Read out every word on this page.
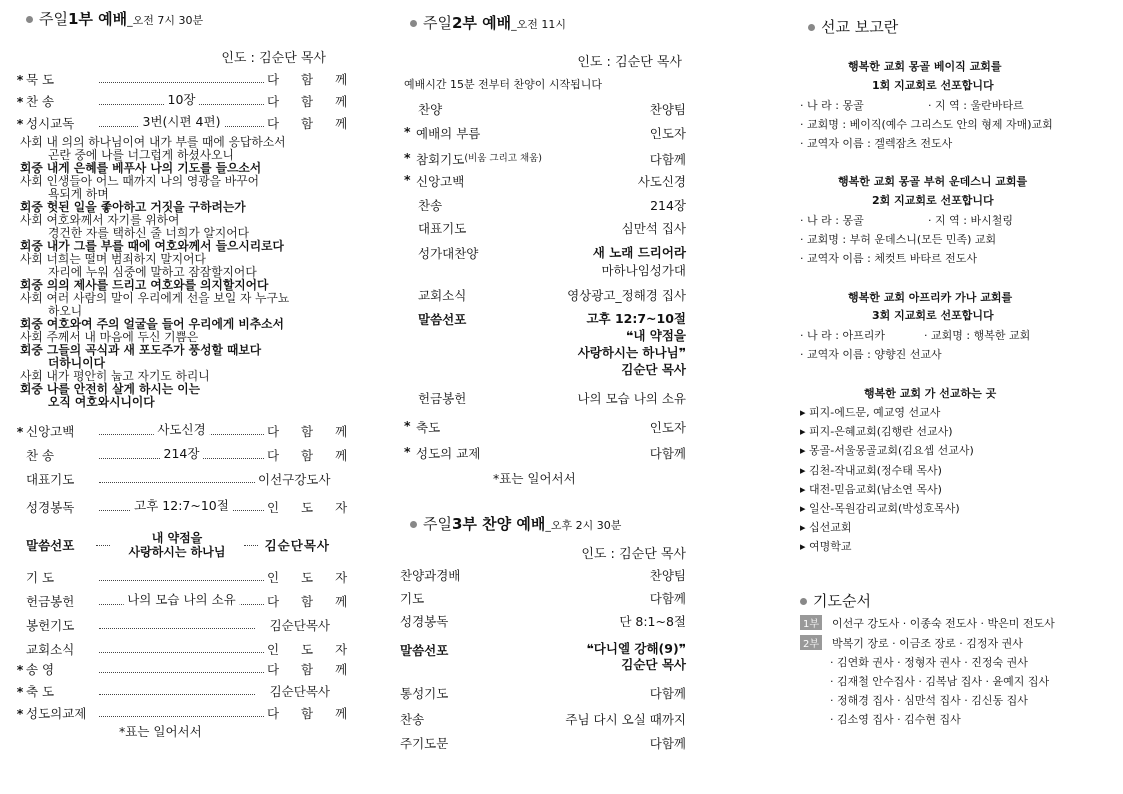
주일 1부 예배 _오전 7시 30분
인도 : 김순단 목사
* 묵 도	다 함 께
* 찬 송	10장	다 함 께
* 성시교독	3번(시편 4편)	다 함 께
사회 내 의의 하나님이여 내가 부를 때에 응답하소서
곤란 중에 나를 너그럽게 하셨사오니
회중 내게 은혜를 베푸사 나의 기도를 들으소서
사회 인생들아 어느 때까지 나의 영광을 바꾸어
욕되게 하며
회중 헛된 일을 좋아하고 거짓을 구하려는가
사회 여호와께서 자기를 위하여
경건한 자를 택하신 줄 너희가 알지어다
회중 내가 그를 부를 때에 여호와께서 들으시리로다
사회 너희는 떨며 범죄하지 말지어다
자리에 누워 심중에 말하고 잠잠할지어다
회중 의의 제사를 드리고 여호와를 의지할지어다
사회 여러 사람의 말이 우리에게 선을 보일 자 누구뇨
하오니
회중 여호와여 주의 얼굴을 들어 우리에게 비추소서
사회 주께서 내 마음에 두신 기쁨은
회중 그들의 곡식과 새 포도주가 풍성할 때보다
더하니이다
사회 내가 평안히 눕고 자기도 하리니
회중 나를 안전히 살게 하시는 이는
오직 여호와시니이다
* 신앙고백	사도신경	다 함 께
찬 송	214장	다 함 께
대표기도	이선구강도사
성경봉독	고후 12:7~10절	인 도 자
말씀선포	내 약점을
사랑하시는 하나님	김순단목사
기 도	인 도 자
헌금봉헌	나의 모습 나의 소유	다 함 께
봉헌기도	김순단목사
교회소식	인 도 자
* 송 영	다 함 께
* 축 도	김순단목사
* 성도의교제	다 함 께
*표는 일어서서
주일 2부 예배 _오전 11시
인도 : 김순단 목사
예배시간 15분 전부터 찬양이 시작됩니다
찬양	찬양팀
* 예배의 부름	인도자
* 참회기도 (비움 그리고 채움)	다함께
* 신앙고백	사도신경
찬송	214장
대표기도	심만석 집사
성가대찬양	새 노래 드리어라
마하나임성가대
교회소식	영상광고_정해경 집사
말씀선포	고후 12:7~10절
❝내 약점을
사랑하시는 하나님❞
김순단 목사
헌금봉헌	나의 모습 나의 소유
* 축도	인도자
* 성도의 교제	다함께
*표는 일어서서
주일 3부 찬양 예배 _오후 2시 30분
인도 : 김순단 목사
찬양과경배	찬양팀
기도	다함께
성경봉독	단 8:1~8절
말씀선포	❝다니엘 강해(9)❞
김순단 목사
통성기도	다함께
찬송	주님 다시 오실 때까지
주기도문	다함께
선교 보고란
행복한 교회 몽골 베이직 교회를
1회 지교회로 선포합니다
· 나 라 : 몽골	· 지 역 : 울란바타르
· 교회명 : 베이직(예수 그리스도 안의 형제 자매)교회
· 교역자 이름 : 겔렉잠츠 전도사
행복한 교회 몽골 부허 운데스니 교회를
2회 지교회로 선포합니다
· 나 라 : 몽골	· 지 역 : 바시철링
· 교회명 : 부허 운데스니(모든 민족) 교회
· 교역자 이름 : 체컷트 바타르 전도사
행복한 교회 아프리카 가나 교회를
3회 지교회로 선포합니다
· 나 라 : 아프리카	· 교회명 : 행복한 교회
· 교역자 이름 : 양향진 선교사
행복한 교회 가 선교하는 곳
▸ 피지-에드문, 예교영 선교사
▸ 피지-은혜교회(김행란 선교사)
▸ 몽골-서울몽골교회(김요셉 선교사)
▸ 김천-작내교회(정수태 목사)
▸ 대전-믿음교회(남소연 목사)
▸ 일산-목원감리교회(박성호목사)
▸ 십선교회
▸ 여명학교
기도순서
1부 이선구 강도사 · 이종숙 전도사 · 박은미 전도사
2부 박복기 장로 · 이금조 장로 · 김정자 권사
· 김연화 권사 · 정형자 권사 · 진정숙 권사
· 김재철 안수집사 · 김복남 집사 · 윤예지 집사
· 정해경 집사 · 심만석 집사 · 김신동 집사
· 김소영 집사 · 김수현 집사
